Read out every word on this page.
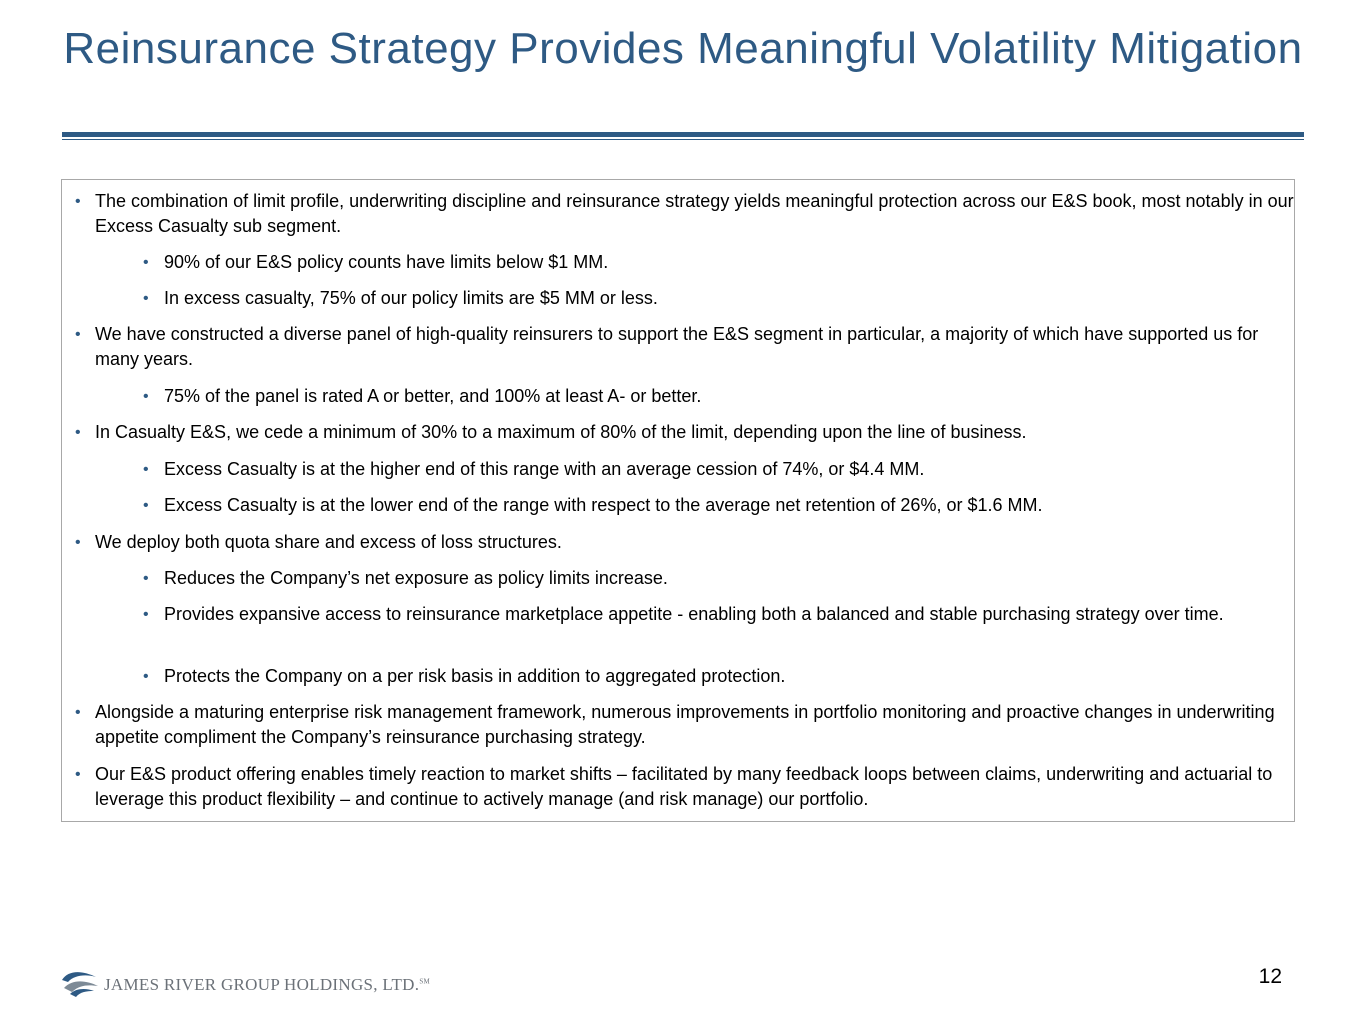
Reinsurance Strategy Provides Meaningful Volatility Mitigation
• The combination of limit profile, underwriting discipline and reinsurance strategy yields meaningful protection across our E&S book, most notably in our Excess Casualty sub segment.
• 90% of our E&S policy counts have limits below $1 MM.
• In excess casualty, 75% of our policy limits are $5 MM or less.
• We have constructed a diverse panel of high-quality reinsurers to support the E&S segment in particular, a majority of which have supported us for many years.
• 75% of the panel is rated A or better, and 100% at least A- or better.
• In Casualty E&S, we cede a minimum of 30% to a maximum of 80% of the limit, depending upon the line of business.
• Excess Casualty is at the higher end of this range with an average cession of 74%, or $4.4 MM.
• Excess Casualty is at the lower end of the range with respect to the average net retention of 26%, or $1.6 MM.
• We deploy both quota share and excess of loss structures.
• Reduces the Company’s net exposure as policy limits increase.
• Provides expansive access to reinsurance marketplace appetite - enabling both a balanced and stable purchasing strategy over time.
• Protects the Company on a per risk basis in addition to aggregated protection.
• Alongside a maturing enterprise risk management framework, numerous improvements in portfolio monitoring and proactive changes in underwriting appetite compliment the Company’s reinsurance purchasing strategy.
• Our E&S product offering enables timely reaction to market shifts – facilitated by many feedback loops between claims, underwriting and actuarial to leverage this product flexibility – and continue to actively manage (and risk manage) our portfolio.
JAMES RIVER GROUP HOLDINGS, LTD.℠	12
